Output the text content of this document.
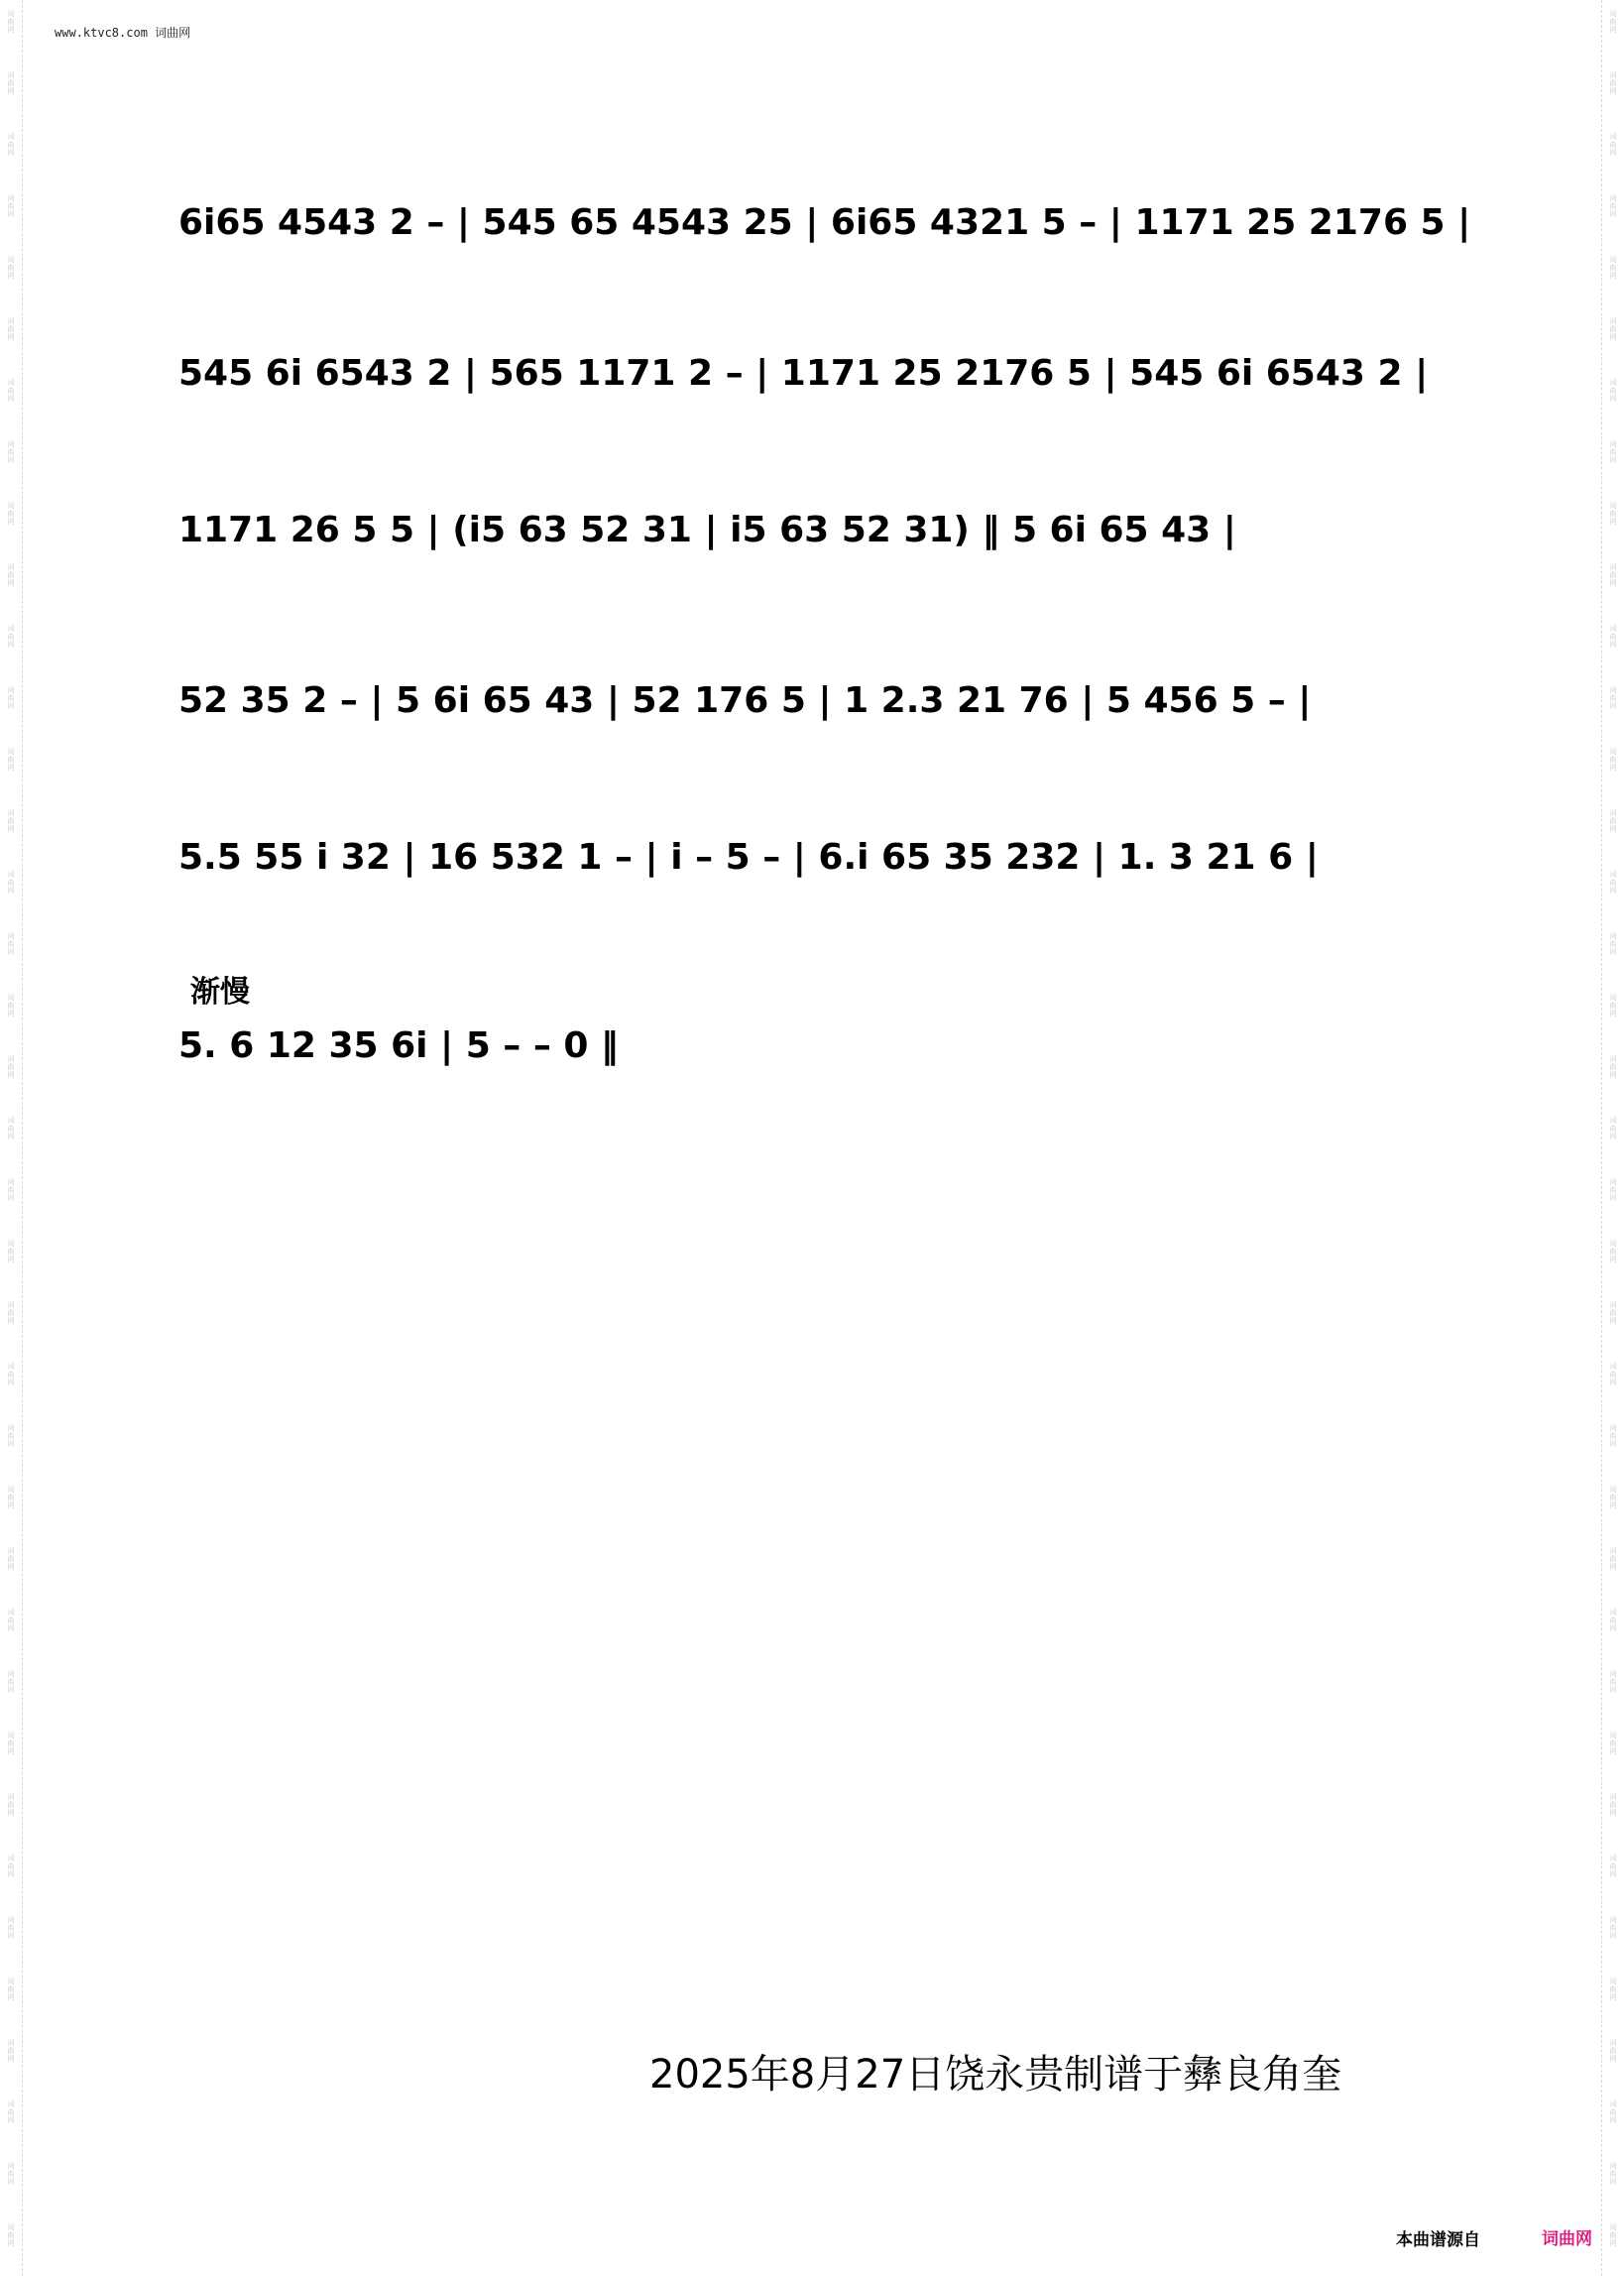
词
曲
网
词
曲
网
词
曲
网
词
曲
网
词
曲
网
词
曲
网
词
曲
网
词
曲
网
词
曲
网
词
曲
网
词
曲
网
词
曲
网
词
曲
网
词
曲
网
词
曲
网
词
曲
网
词
曲
网
词
曲
网
词
曲
网
词
曲
网
词
曲
网
词
曲
网
词
曲
网
词
曲
网
词
曲
网
词
曲
网
词
曲
网
词
曲
网
词
曲
网
词
曲
网
词
曲
网
词
曲
网
词
曲
网
词
曲
网
词
曲
网
词
曲
网
词
曲
网
词
曲
网
词
曲
网
词
曲
网
词
曲
网
词
曲
网
词
曲
网
词
曲
网
词
曲
网
词
曲
网
词
曲
网
词
曲
网
词
曲
网
词
曲
网
词
曲
网
词
曲
网
词
曲
网
词
曲
网
词
曲
网
词
曲
网
词
曲
网
词
曲
网
词
曲
网
词
曲
网
词
曲
网
词
曲
网
词
曲
网
词
曲
网
词
曲
网
词
曲
网
词
曲
网
词
曲
网
词
曲
网
词
曲
网
词
曲
网
词
曲
网
词
曲
网
词
曲
网
www.ktvc8.com 词曲网
6i65 4543 2 – | 545 65 4543 25 | 6i65 4321 5 – | 1171 25 2176 5 |
545 6i 6543 2 | 565 1171 2 – | 1171 25 2176 5 | 545 6i 6543 2 |
1171 26 5 5 | (i5 63 52 31 | i5 63 52 31) ‖ 5 6i 65 43 |
52 35 2 – | 5 6i 65 43 | 52 176 5 | 1 2.3 21 76 | 5 456 5 – |
5.5 55 i 32 | 16 532 1 – | i – 5 – | 6.i 65 35 232 | 1. 3 21 6 |
5. 6 12 35 6i | 5 – – 0 ‖
渐慢
2025年8月27日饶永贵制谱于彝良角奎
本曲谱源自	词曲网
